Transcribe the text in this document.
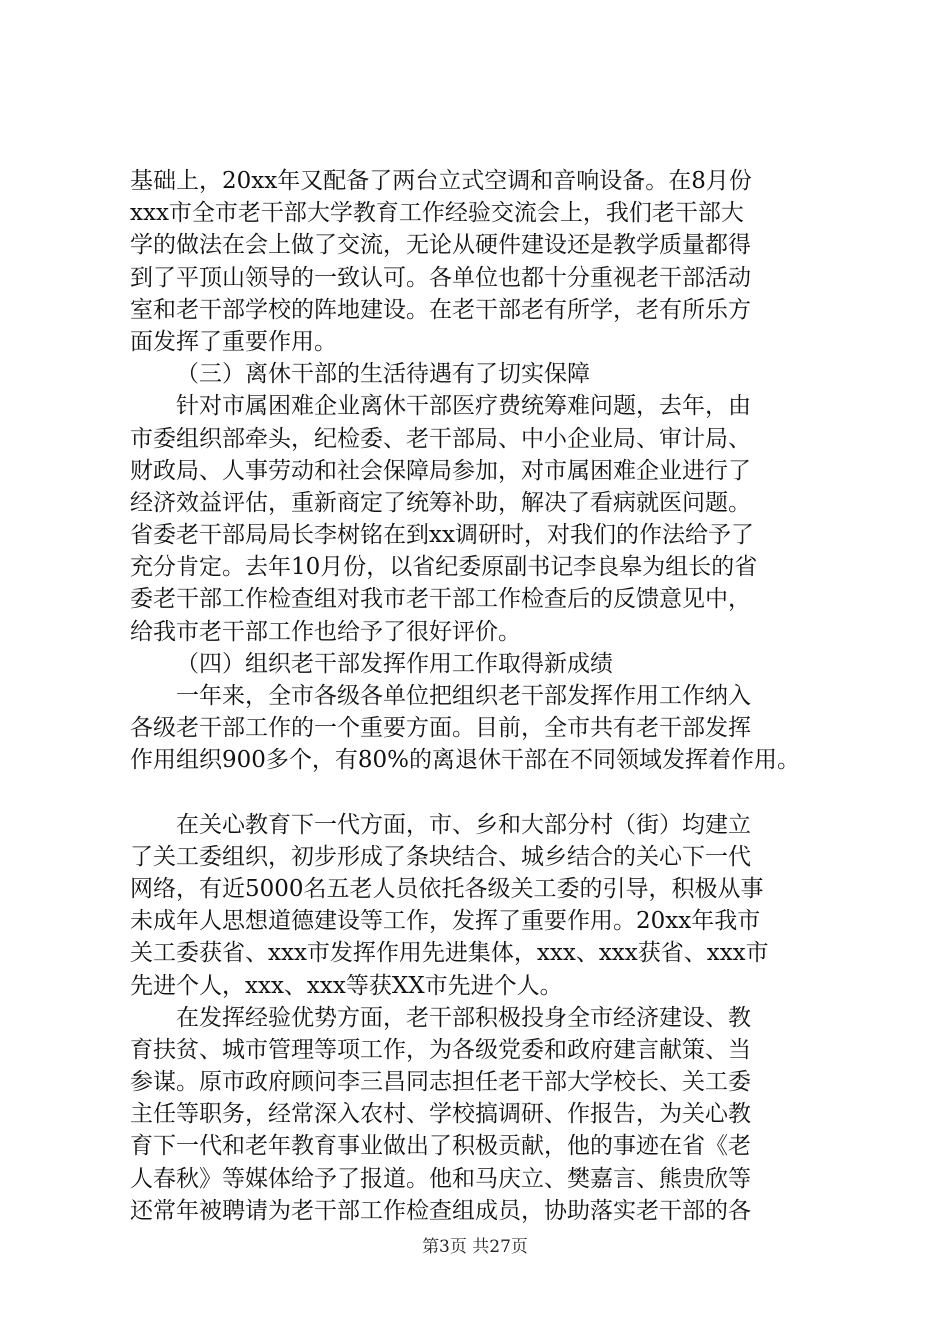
基础上，20xx年又配备了两台立式空调和音响设备。在8月份
xxx市全市老干部大学教育工作经验交流会上，我们老干部大
学的做法在会上做了交流，无论从硬件建设还是教学质量都得
到了平顶山领导的一致认可。各单位也都十分重视老干部活动
室和老干部学校的阵地建设。在老干部老有所学，老有所乐方
面发挥了重要作用。
（三）离休干部的生活待遇有了切实保障
针对市属困难企业离休干部医疗费统筹难问题，去年，由
市委组织部牵头，纪检委、老干部局、中小企业局、审计局、
财政局、人事劳动和社会保障局参加，对市属困难企业进行了
经济效益评估，重新商定了统筹补助，解决了看病就医问题。
省委老干部局局长李树铭在到xx调研时，对我们的作法给予了
充分肯定。去年10月份，以省纪委原副书记李良皋为组长的省
委老干部工作检查组对我市老干部工作检查后的反馈意见中，
给我市老干部工作也给予了很好评价。
（四）组织老干部发挥作用工作取得新成绩
一年来，全市各级各单位把组织老干部发挥作用工作纳入
各级老干部工作的一个重要方面。目前，全市共有老干部发挥
作用组织900多个，有80%的离退休干部在不同领域发挥着作用。
在关心教育下一代方面，市、乡和大部分村（街）均建立
了关工委组织，初步形成了条块结合、城乡结合的关心下一代
网络，有近5000名五老人员依托各级关工委的引导，积极从事
未成年人思想道德建设等工作，发挥了重要作用。20xx年我市
关工委获省、xxx市发挥作用先进集体，xxx、xxx获省、xxx市
先进个人，xxx、xxx等获XX市先进个人。
在发挥经验优势方面，老干部积极投身全市经济建设、教
育扶贫、城市管理等项工作，为各级党委和政府建言献策、当
参谋。原市政府顾问李三昌同志担任老干部大学校长、关工委
主任等职务，经常深入农村、学校搞调研、作报告，为关心教
育下一代和老年教育事业做出了积极贡献，他的事迹在省《老
人春秋》等媒体给予了报道。他和马庆立、樊嘉言、熊贵欣等
还常年被聘请为老干部工作检查组成员，协助落实老干部的各
第3页 共27页
